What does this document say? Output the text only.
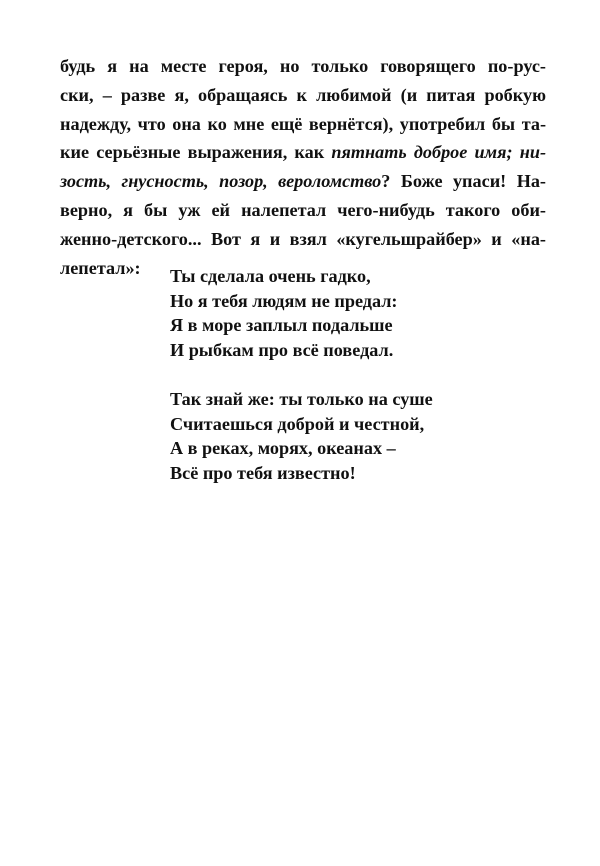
будь я на месте героя, но только говорящего по-рус-
ски, – разве я, обращаясь к любимой (и питая робкую
надежду, что она ко мне ещё вернётся), употребил бы та-
кие серьёзные выражения, как пятнать доброе имя; ни-
зость, гнусность, позор, вероломство? Боже упаси! На-
верно, я бы уж ей налепетал чего-нибудь такого оби-
женно-детского... Вот я и взял «кугельшрайбер» и «на-
лепетал»:	Ты сделала очень гадко,
Но я тебя людям не предал:
Я в море заплыл подальше
И рыбкам про всё поведал.
Так знай же: ты только на суше
Считаешься доброй и честной,
А в реках, морях, океанах –
Всё про тебя известно!
